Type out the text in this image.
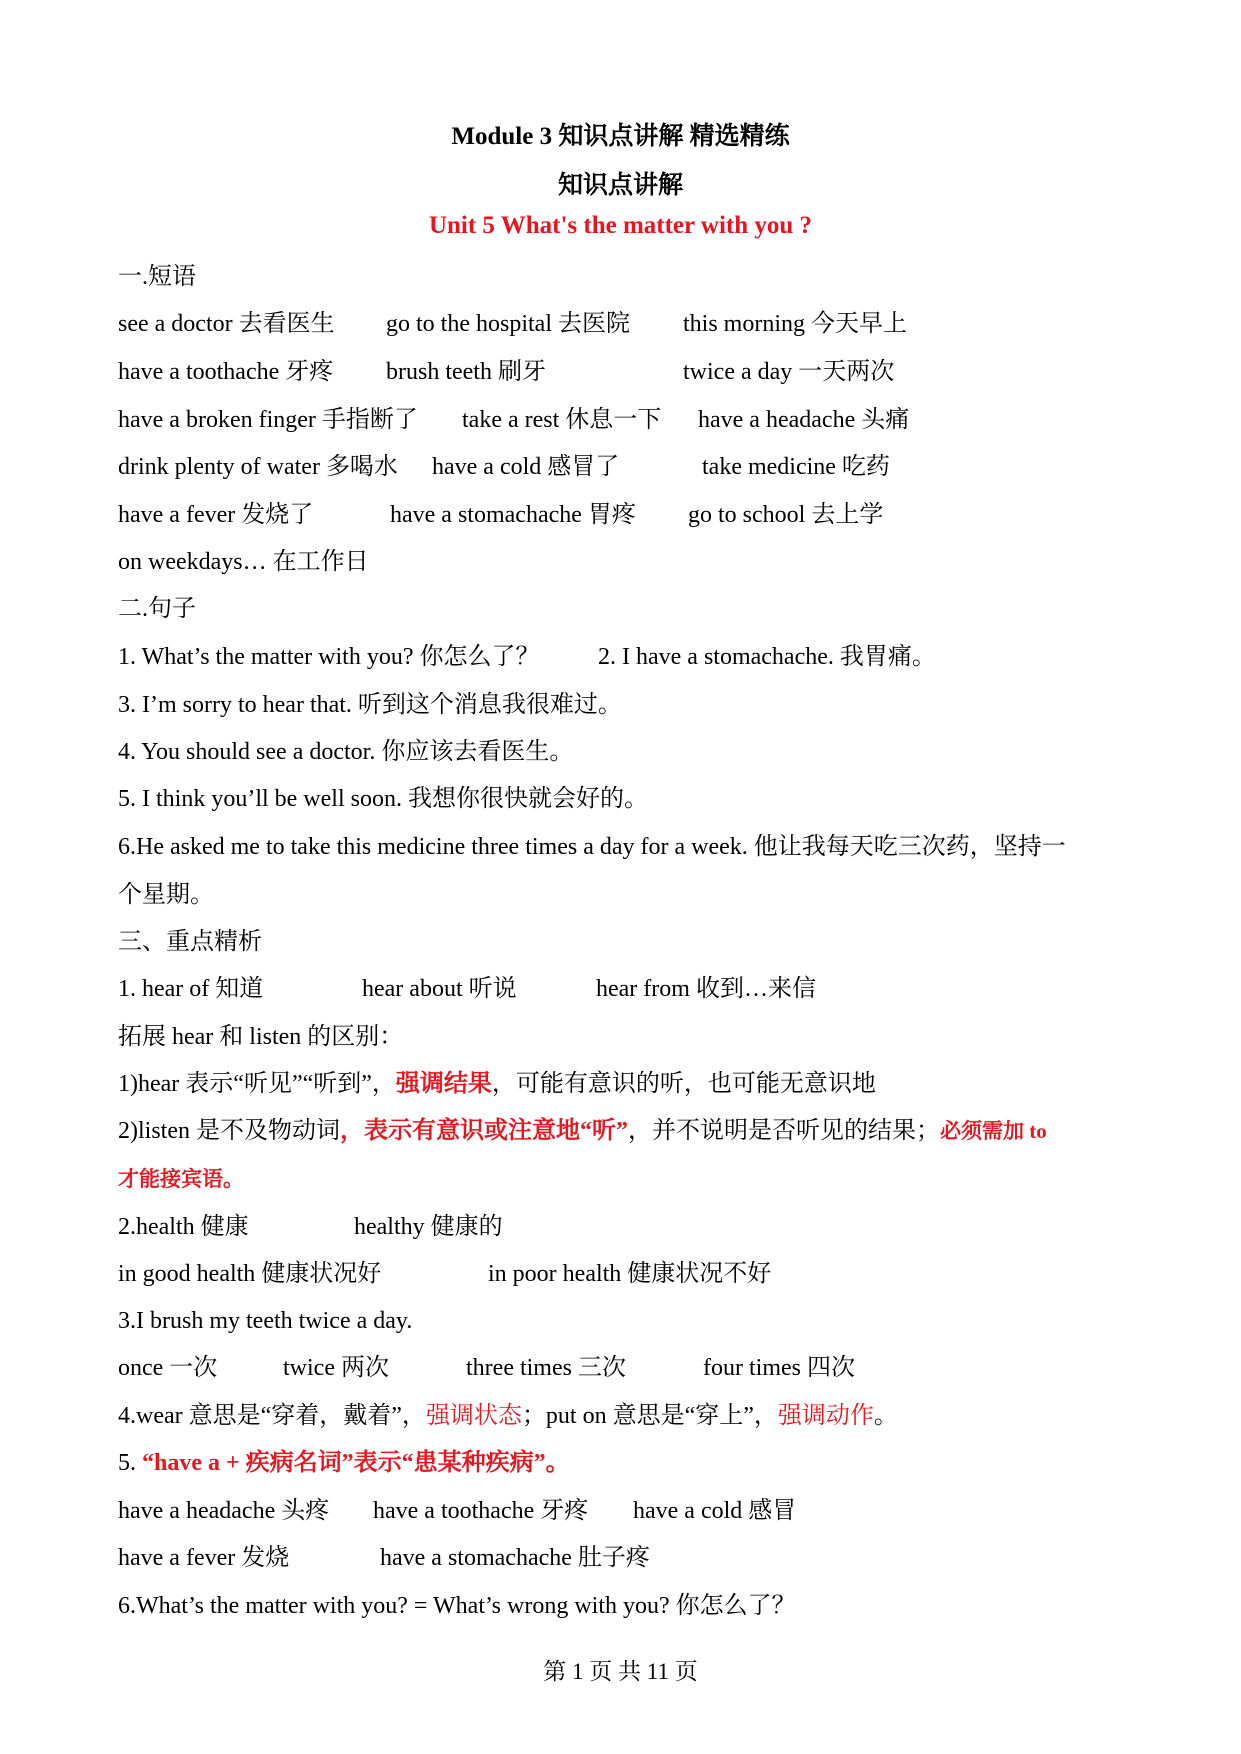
Module 3 知识点讲解 精选精练
知识点讲解
Unit 5 What's the matter with you ?
一.短语
see a doctor 去看医生 go to the hospital 去医院 this morning 今天早上
have a toothache 牙疼 brush teeth 刷牙	twice a day 一天两次
have a broken finger 手指断了 take a rest 休息一下 have a headache 头痛
drink plenty of water 多喝水 have a cold 感冒了	take medicine 吃药
have a fever 发烧了	have a stomachache 胃疼 go to school 去上学
on weekdays… 在工作日
二.句子
1. What’s the matter with you? 你怎么了？ 2. I have a stomachache. 我胃痛。
3. I’m sorry to hear that. 听到这个消息我很难过。
4. You should see a doctor. 你应该去看医生。
5. I think you’ll be well soon. 我想你很快就会好的。
6.He asked me to take this medicine three times a day for a week. 他让我每天吃三次药，坚持一
个星期。
三、重点精析
1. hear of 知道	hear about 听说	hear from 收到…来信
拓展 hear 和 listen 的区别：
1)hear 表示“听见”“听到”，强调结果，可能有意识的听，也可能无意识地
2)listen 是不及物动词，表示有意识或注意地“听”，并不说明是否听见的结果；必须需加 to
才能接宾语。
2.health 健康	healthy 健康的
in good health 健康状况好	in poor health 健康状况不好
3.I brush my teeth twice a day.
once 一次	twice 两次	three times 三次	four times 四次
4.wear 意思是“穿着，戴着”，强调状态；put on 意思是“穿上”，强调动作。
5. “have a + 疾病名词”表示“患某种疾病”。
have a headache 头疼 have a toothache 牙疼 have a cold 感冒
have a fever 发烧	have a stomachache 肚子疼
6.What’s the matter with you? = What’s wrong with you? 你怎么了？
第 1 页 共 11 页
